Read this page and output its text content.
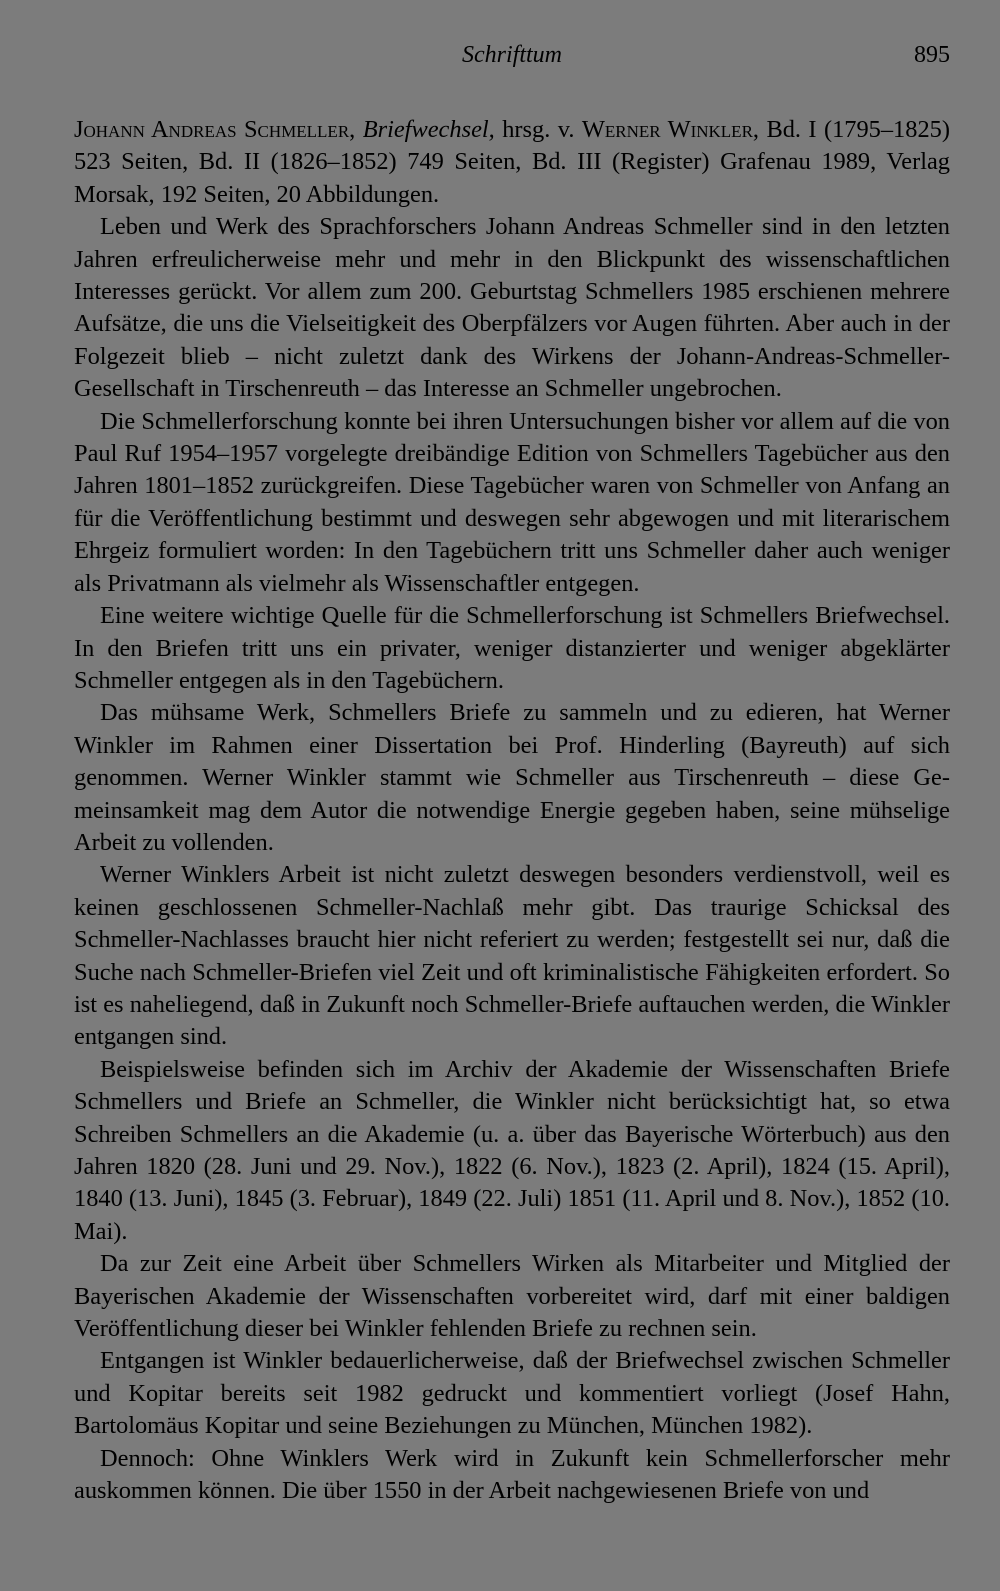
Schrifttum	895

Johann Andreas Schmeller, Briefwechsel, hrsg. v. Werner Winkler, Bd. I (1795–1825) 523 Seiten, Bd. II (1826–1852) 749 Seiten, Bd. III (Register) Grafenau 1989, Verlag Morsak, 192 Seiten, 20 Abbildungen.

Leben und Werk des Sprachforschers Johann Andreas Schmeller sind in den letzten Jahren erfreulicherweise mehr und mehr in den Blickpunkt des wissenschaftlichen Interesses gerückt. Vor allem zum 200. Geburtstag Schmellers 1985 erschienen mehrere Aufsätze, die uns die Vielseitigkeit des Oberpfälzers vor Augen führten. Aber auch in der Folgezeit blieb – nicht zuletzt dank des Wirkens der Johann-Andreas-Schmeller-Gesellschaft in Tirschenreuth – das Interesse an Schmeller ungebrochen.

Die Schmellerforschung konnte bei ihren Untersuchungen bisher vor allem auf die von Paul Ruf 1954–1957 vorgelegte dreibändige Edition von Schmellers Tagebücher aus den Jahren 1801–1852 zurückgreifen. Diese Tagebücher waren von Schmeller von Anfang an für die Veröffentlichung bestimmt und deswegen sehr abgewogen und mit literarischem Ehrgeiz formuliert worden: In den Tagebüchern tritt uns Schmeller daher auch weniger als Privatmann als vielmehr als Wissenschaftler entgegen.

Eine weitere wichtige Quelle für die Schmellerforschung ist Schmellers Briefwechsel. In den Briefen tritt uns ein privater, weniger distanzierter und weniger abgeklärter Schmeller entgegen als in den Tagebüchern.

Das mühsame Werk, Schmellers Briefe zu sammeln und zu edieren, hat Werner Winkler im Rahmen einer Dissertation bei Prof. Hinderling (Bayreuth) auf sich genommen. Werner Winkler stammt wie Schmeller aus Tirschenreuth – diese Gemeinsamkeit mag dem Autor die notwendige Energie gegeben haben, seine mühselige Arbeit zu vollenden.

Werner Winklers Arbeit ist nicht zuletzt deswegen besonders verdienstvoll, weil es keinen geschlossenen Schmeller-Nachlaß mehr gibt. Das traurige Schicksal des Schmeller-Nachlasses braucht hier nicht referiert zu werden; festgestellt sei nur, daß die Suche nach Schmeller-Briefen viel Zeit und oft kriminalistische Fähigkeiten erfordert. So ist es naheliegend, daß in Zukunft noch Schmeller-Briefe auftauchen werden, die Winkler entgangen sind.

Beispielsweise befinden sich im Archiv der Akademie der Wissenschaften Briefe Schmellers und Briefe an Schmeller, die Winkler nicht berücksichtigt hat, so etwa Schreiben Schmellers an die Akademie (u. a. über das Bayerische Wörterbuch) aus den Jahren 1820 (28. Juni und 29. Nov.), 1822 (6. Nov.), 1823 (2. April), 1824 (15. April), 1840 (13. Juni), 1845 (3. Februar), 1849 (22. Juli) 1851 (11. April und 8. Nov.), 1852 (10. Mai).

Da zur Zeit eine Arbeit über Schmellers Wirken als Mitarbeiter und Mitglied der Bayerischen Akademie der Wissenschaften vorbereitet wird, darf mit einer baldigen Veröffentlichung dieser bei Winkler fehlenden Briefe zu rechnen sein.

Entgangen ist Winkler bedauerlicherweise, daß der Briefwechsel zwischen Schmeller und Kopitar bereits seit 1982 gedruckt und kommentiert vorliegt (Josef Hahn, Bartolomäus Kopitar und seine Beziehungen zu München, München 1982).

Dennoch: Ohne Winklers Werk wird in Zukunft kein Schmellerforscher mehr auskommen können. Die über 1550 in der Arbeit nachgewiesenen Briefe von und
